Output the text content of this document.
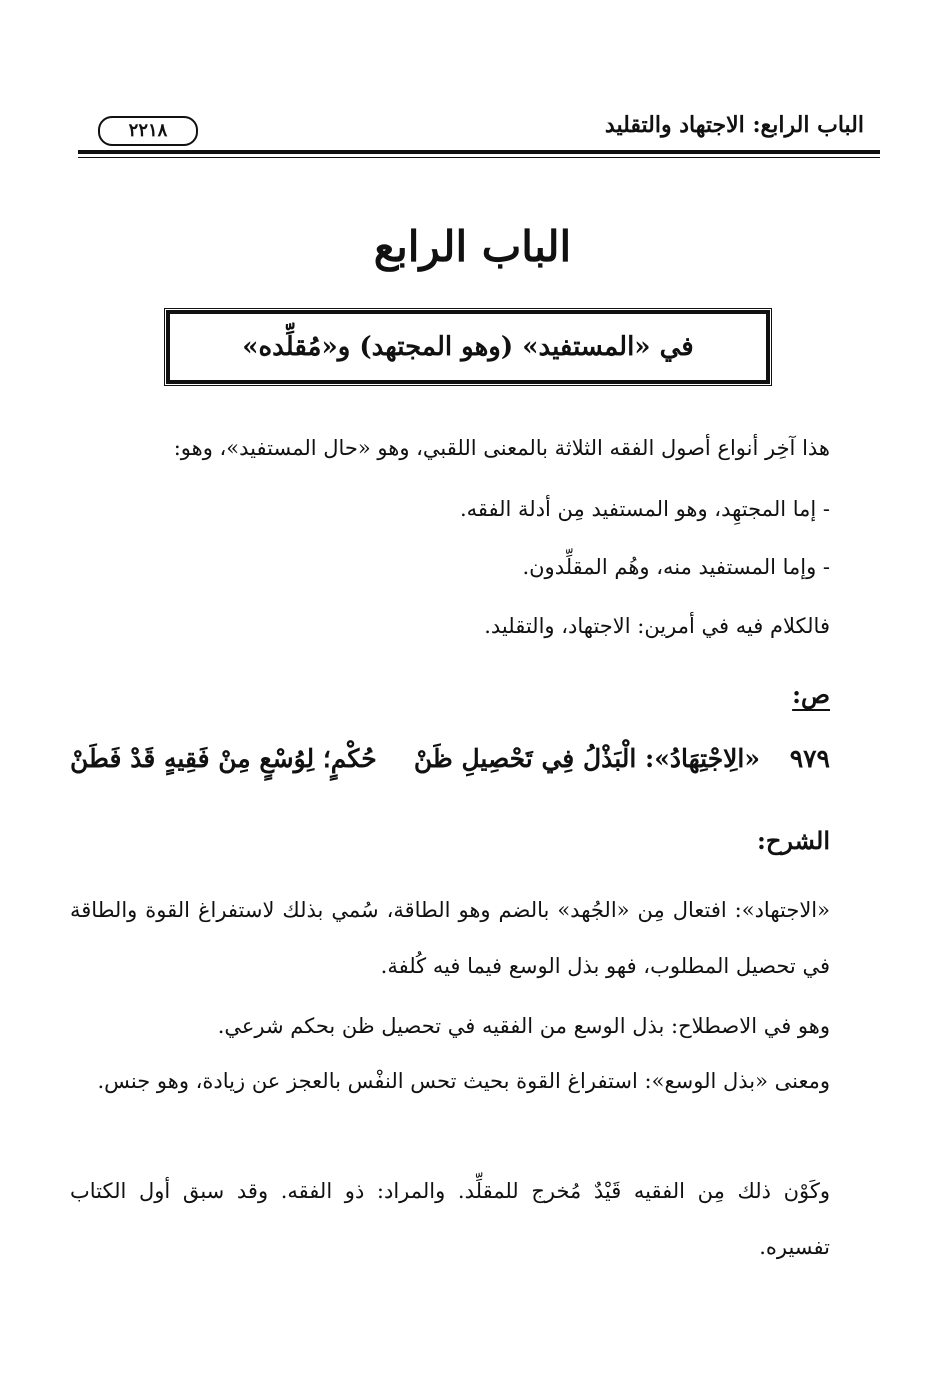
الباب الرابع: الاجتهاد والتقليد
٢٢١٨
الباب الرابع
في «المستفيد» (وهو المجتهد) و«مُقلِّده»
هذا آخِر أنواع أصول الفقه الثلاثة بالمعنى اللقبي، وهو «حال المستفيد»، وهو:
- إما المجتهِد، وهو المستفيد مِن أدلة الفقه.
- وإما المستفيد منه، وهُم المقلِّدون.
فالكلام فيه في أمرين: الاجتهاد، والتقليد.
ص:
٩٧٩
«الِاجْتِهَادُ»: الْبَذْلُ فِي تَحْصِيلِ ظَنْ
حُكْمٍ؛ لِوُسْعٍ مِنْ فَقِيهٍ قَدْ فَطَنْ
الشرح:
«الاجتهاد»: افتعال مِن «الجُهد» بالضم وهو الطاقة، سُمي بذلك لاستفراغ القوة والطاقة في تحصيل المطلوب، فهو بذل الوسع فيما فيه كُلفة.
وهو في الاصطلاح: بذل الوسع من الفقيه في تحصيل ظن بحكم شرعي.
ومعنى «بذل الوسع»: استفراغ القوة بحيث تحس النفْس بالعجز عن زيادة، وهو جنس.
وكَوْن ذلك مِن الفقيه قَيْدٌ مُخرج للمقلِّد. والمراد: ذو الفقه. وقد سبق أول الكتاب تفسيره.
